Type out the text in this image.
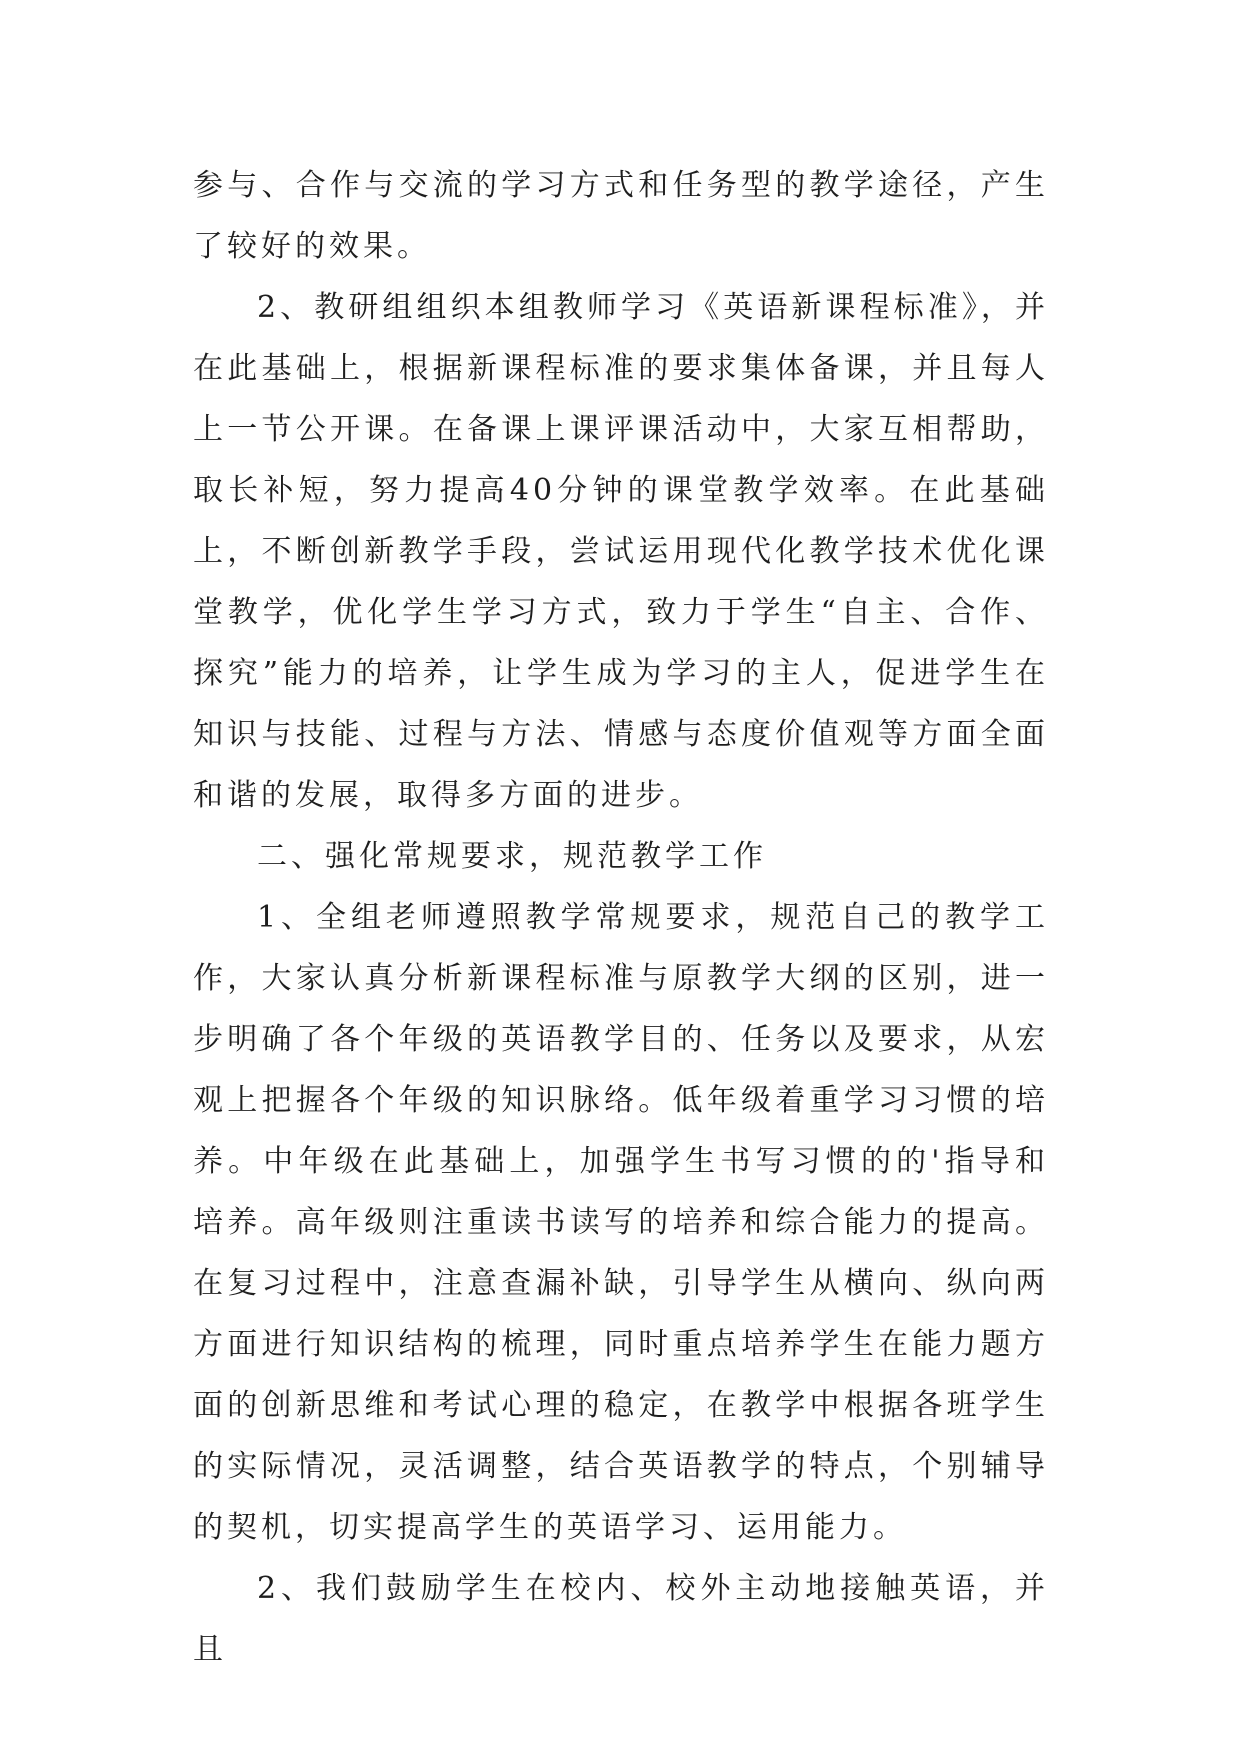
参与、合作与交流的学习方式和任务型的教学途径，产生了较好的效果。

2、教研组组织本组教师学习《英语新课程标准》，并在此基础上，根据新课程标准的要求集体备课，并且每人上一节公开课。在备课上课评课活动中，大家互相帮助，取长补短，努力提高40分钟的课堂教学效率。在此基础上，不断创新教学手段，尝试运用现代化教学技术优化课堂教学，优化学生学习方式，致力于学生“自主、合作、探究”能力的培养，让学生成为学习的主人，促进学生在知识与技能、过程与方法、情感与态度价值观等方面全面和谐的发展，取得多方面的进步。

二、强化常规要求，规范教学工作

1、全组老师遵照教学常规要求，规范自己的教学工作，大家认真分析新课程标准与原教学大纲的区别，进一步明确了各个年级的英语教学目的、任务以及要求，从宏观上把握各个年级的知识脉络。低年级着重学习习惯的培养。中年级在此基础上，加强学生书写习惯的的'指导和培养。高年级则注重读书读写的培养和综合能力的提高。在复习过程中，注意查漏补缺，引导学生从横向、纵向两方面进行知识结构的梳理，同时重点培养学生在能力题方面的创新思维和考试心理的稳定，在教学中根据各班学生的实际情况，灵活调整，结合英语教学的特点，个别辅导的契机，切实提高学生的英语学习、运用能力。

2、我们鼓励学生在校内、校外主动地接触英语，并且
